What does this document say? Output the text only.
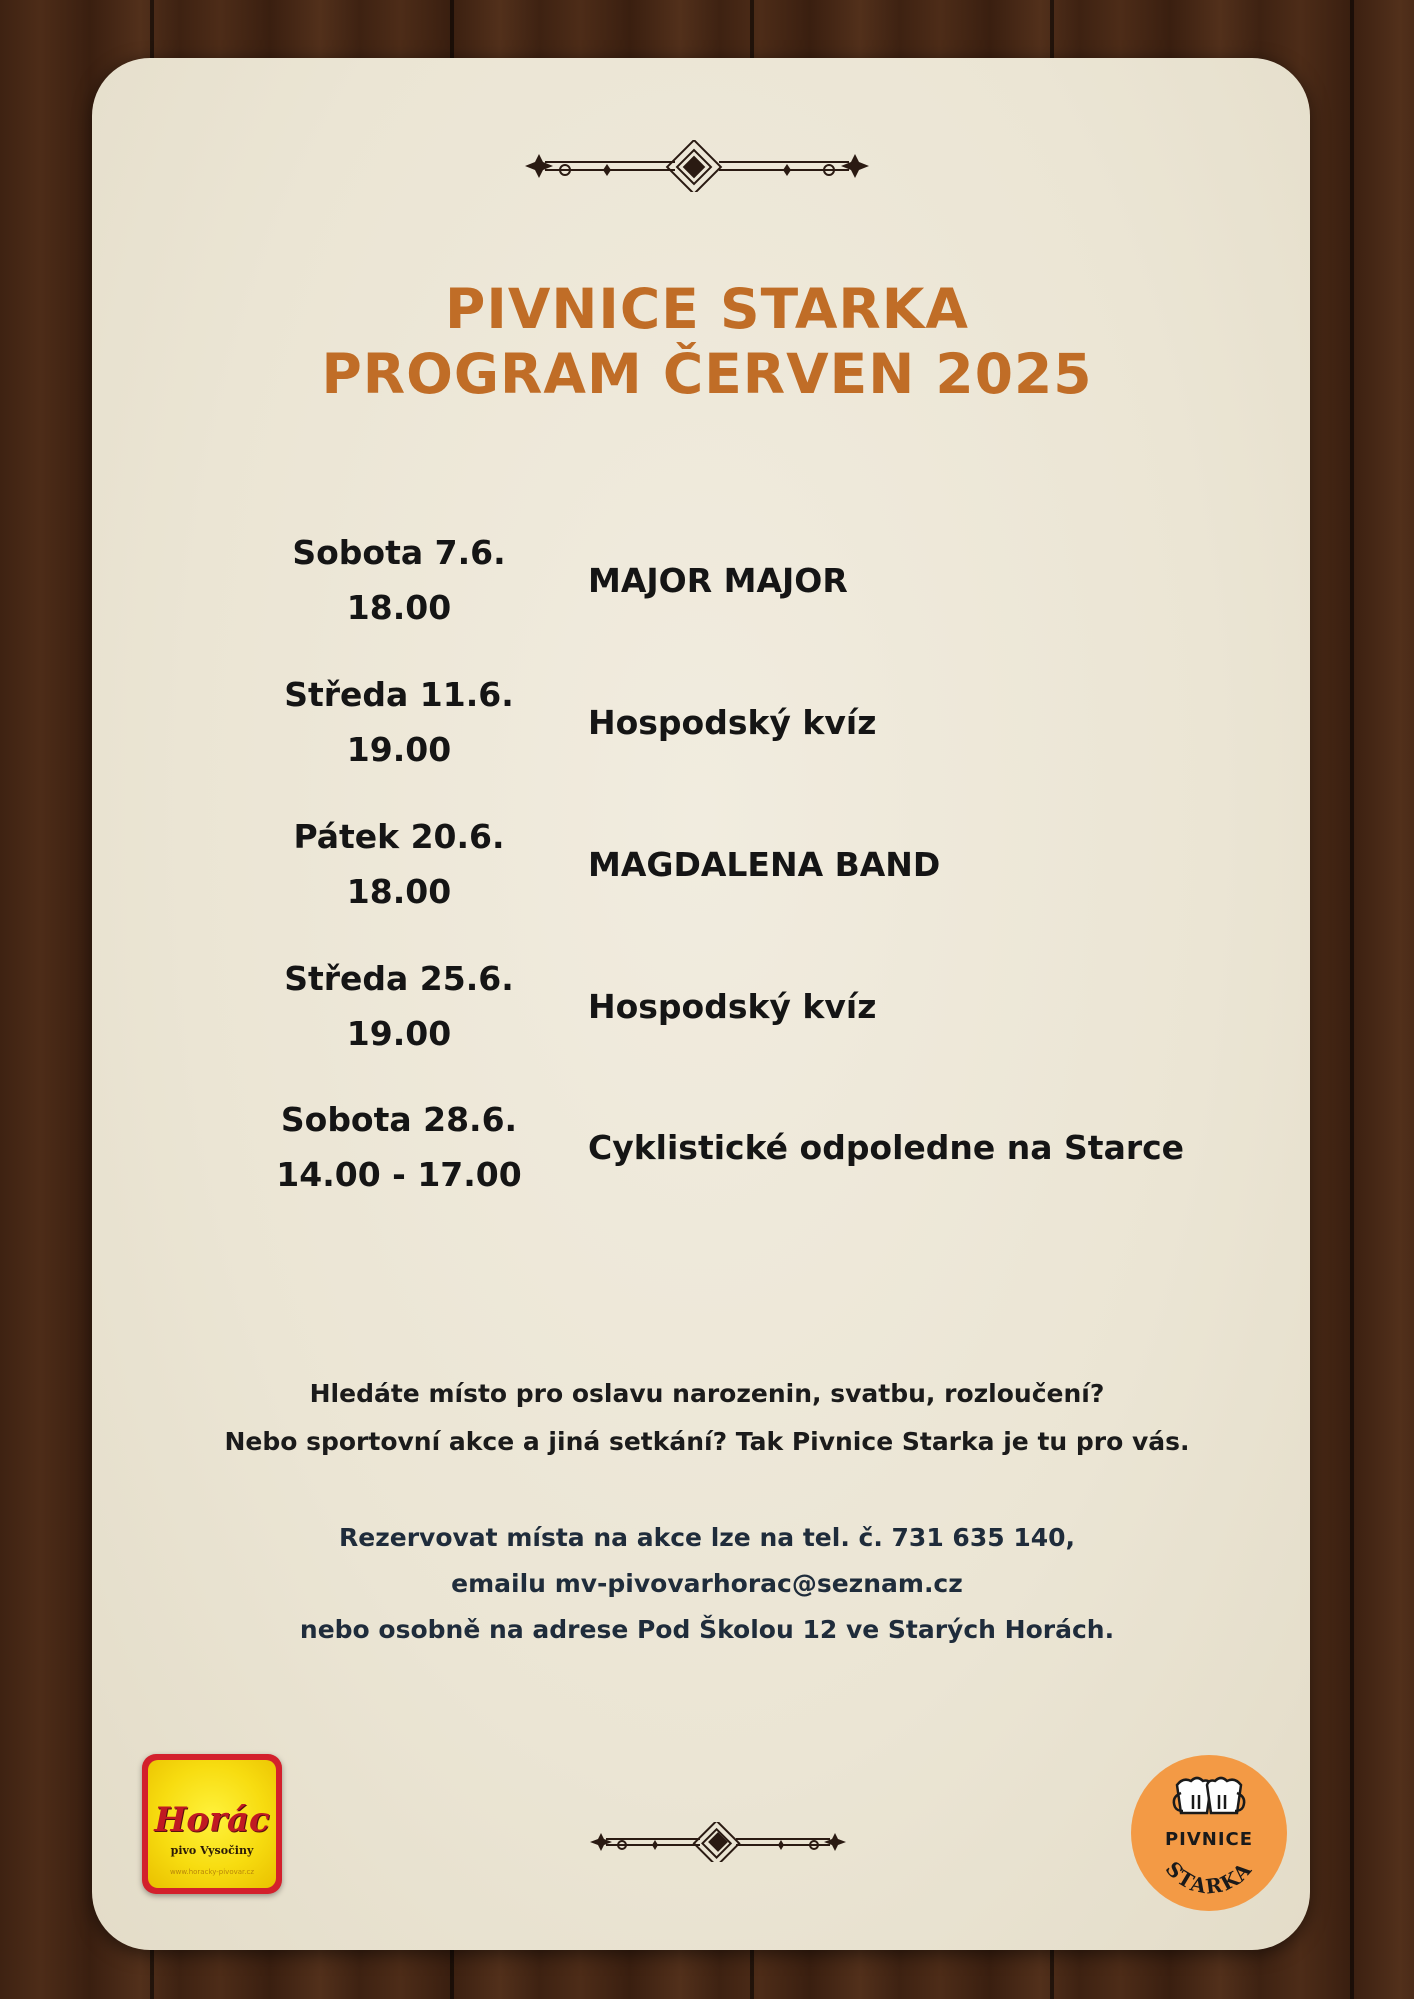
PIVNICE STARKA
PROGRAM ČERVEN 2025
Sobota 7.6.
18.00
MAJOR MAJOR
Středa 11.6.
19.00
Hospodský kvíz
Pátek 20.6.
18.00
MAGDALENA BAND
Středa 25.6.
19.00
Hospodský kvíz
Sobota 28.6.
14.00 - 17.00
Cyklistické odpoledne na Starce
Hledáte místo pro oslavu narozenin, svatbu, rozloučení?
Nebo sportovní akce a jiná setkání? Tak Pivnice Starka je tu pro vás.
Rezervovat místa na akce lze na tel. č. 731 635 140,
emailu mv-pivovarhorac@seznam.cz
nebo osobně na adrese Pod Školou 12 ve Starých Horách.
Horác
pivo Vysočiny
www.horacky-pivovar.cz
PIVNICE
STARKA
